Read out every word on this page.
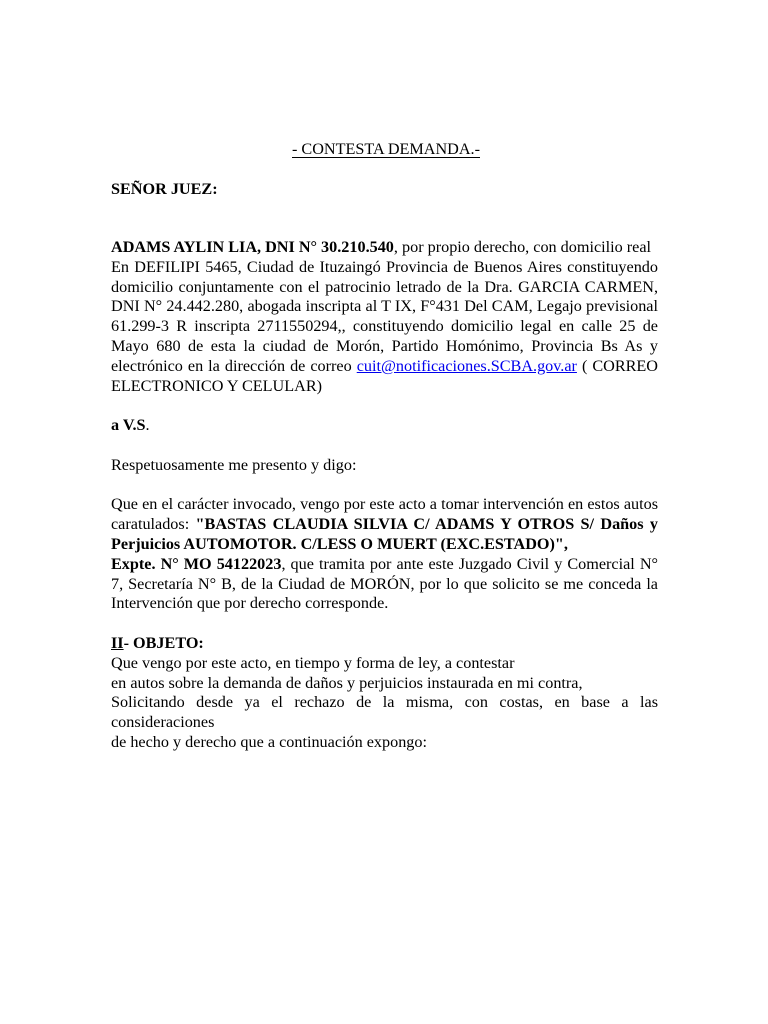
- CONTESTA DEMANDA.-
SEÑOR JUEZ:

ADAMS AYLIN LIA, DNI N° 30.210.540, por propio derecho, con domicilio real
En DEFILIPI 5465, Ciudad de Ituzaingó Provincia de Buenos Aires constituyendo domicilio conjuntamente con el patrocinio letrado de la Dra. GARCIA CARMEN, DNI N° 24.442.280, abogada inscripta al T IX, F°431 Del CAM, Legajo previsional 61.299-3 R inscripta 2711550294,, constituyendo domicilio legal en calle 25 de Mayo 680 de esta la ciudad de Morón, Partido Homónimo, Provincia Bs As y electrónico en la dirección de correo cuit@notificaciones.SCBA.gov.ar ( CORREO ELECTRONICO Y CELULAR)

a V.S.

Respetuosamente me presento y digo:

Que en el carácter invocado, vengo por este acto a tomar intervención en estos autos caratulados: "BASTAS CLAUDIA SILVIA C/ ADAMS Y OTROS S/ Daños y Perjuicios AUTOMOTOR. C/LESS O MUERT (EXC.ESTADO)",
Expte. N° MO 54122023, que tramita por ante este Juzgado Civil y Comercial N° 7, Secretaría N° B, de la Ciudad de MORÓN, por lo que solicito se me conceda la Intervención que por derecho corresponde.

II- OBJETO:

Que vengo por este acto, en tiempo y forma de ley, a contestar

en autos sobre la demanda de daños y perjuicios instaurada en mi contra,

Solicitando desde ya el rechazo de la misma, con costas, en base a las consideraciones

de hecho y derecho que a continuación expongo:
